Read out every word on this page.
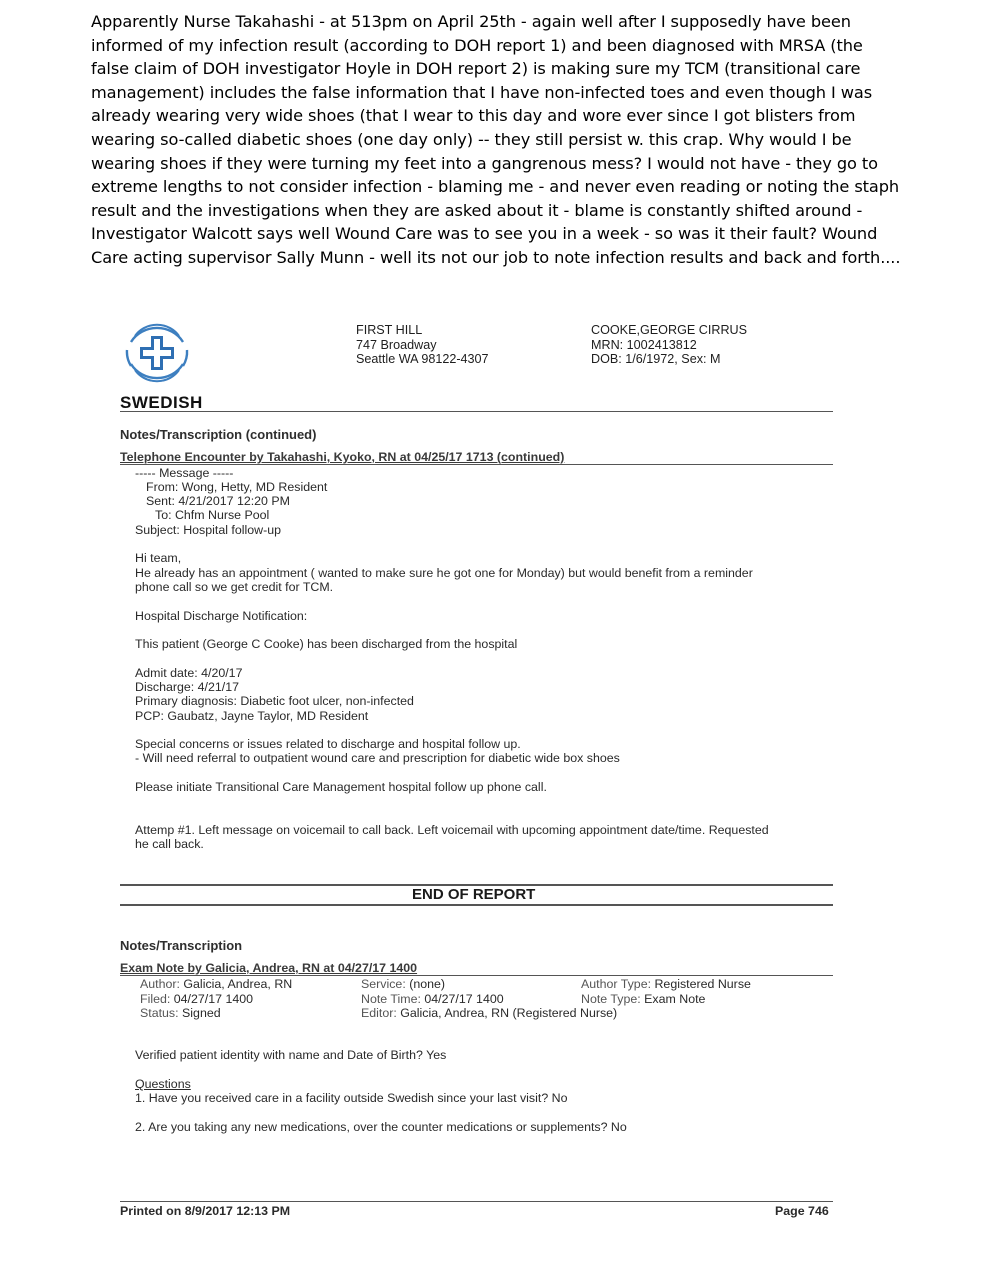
Apparently Nurse Takahashi - at 513pm on April 25th - again well after I supposedly have been informed of my infection result (according to DOH report 1) and been diagnosed with MRSA (the false claim of DOH investigator Hoyle in DOH report 2) is making sure my TCM (transitional care management) includes the false information that I have non-infected toes and even though I was already wearing very wide shoes (that I wear to this day and wore ever since I got blisters from wearing so-called diabetic shoes (one day only) -- they still persist w. this crap. Why would I be wearing shoes if they were turning my feet into a gangrenous mess? I would not have - they go to extreme lengths to not consider infection - blaming me - and never even reading or noting the staph result and the investigations when they are asked about it - blame is constantly shifted around - Investigator Walcott says well Wound Care was to see you in a week - so was it their fault? Wound Care acting supervisor Sally Munn - well its not our job to note infection results and back and forth....

SWEDISH
FIRST HILL
747 Broadway
Seattle WA 98122-4307
COOKE,GEORGE CIRRUS
MRN: 1002413812
DOB: 1/6/1972, Sex: M
Notes/Transcription (continued)
Telephone Encounter by Takahashi, Kyoko, RN at 04/25/17 1713 (continued)
----- Message -----
From: Wong, Hetty, MD Resident
Sent: 4/21/2017 12:20 PM
To: Chfm Nurse Pool
Subject: Hospital follow-up
Hi team,
He already has an appointment ( wanted to make sure he got one for Monday) but would benefit from a reminder
phone call so we get credit for TCM.
Hospital Discharge Notification:
This patient (George C Cooke) has been discharged from the hospital
Admit date: 4/20/17
Discharge: 4/21/17
Primary diagnosis: Diabetic foot ulcer, non-infected
PCP: Gaubatz, Jayne Taylor, MD Resident
Special concerns or issues related to discharge and hospital follow up.
- Will need referral to outpatient wound care and prescription for diabetic wide box shoes
Please initiate Transitional Care Management hospital follow up phone call.
Attemp #1. Left message on voicemail to call back. Left voicemail with upcoming appointment date/time. Requested
he call back.
END OF REPORT
Notes/Transcription
Exam Note by Galicia, Andrea, RN at 04/27/17 1400
Author: Galicia, Andrea, RN	Service: (none)	Author Type: Registered Nurse
Filed: 04/27/17 1400	Note Time: 04/27/17 1400	Note Type: Exam Note
Status: Signed	Editor: Galicia, Andrea, RN (Registered Nurse)
Verified patient identity with name and Date of Birth? Yes
Questions
1. Have you received care in a facility outside Swedish since your last visit? No
2. Are you taking any new medications, over the counter medications or supplements? No
Printed on 8/9/2017 12:13 PM	Page 746
